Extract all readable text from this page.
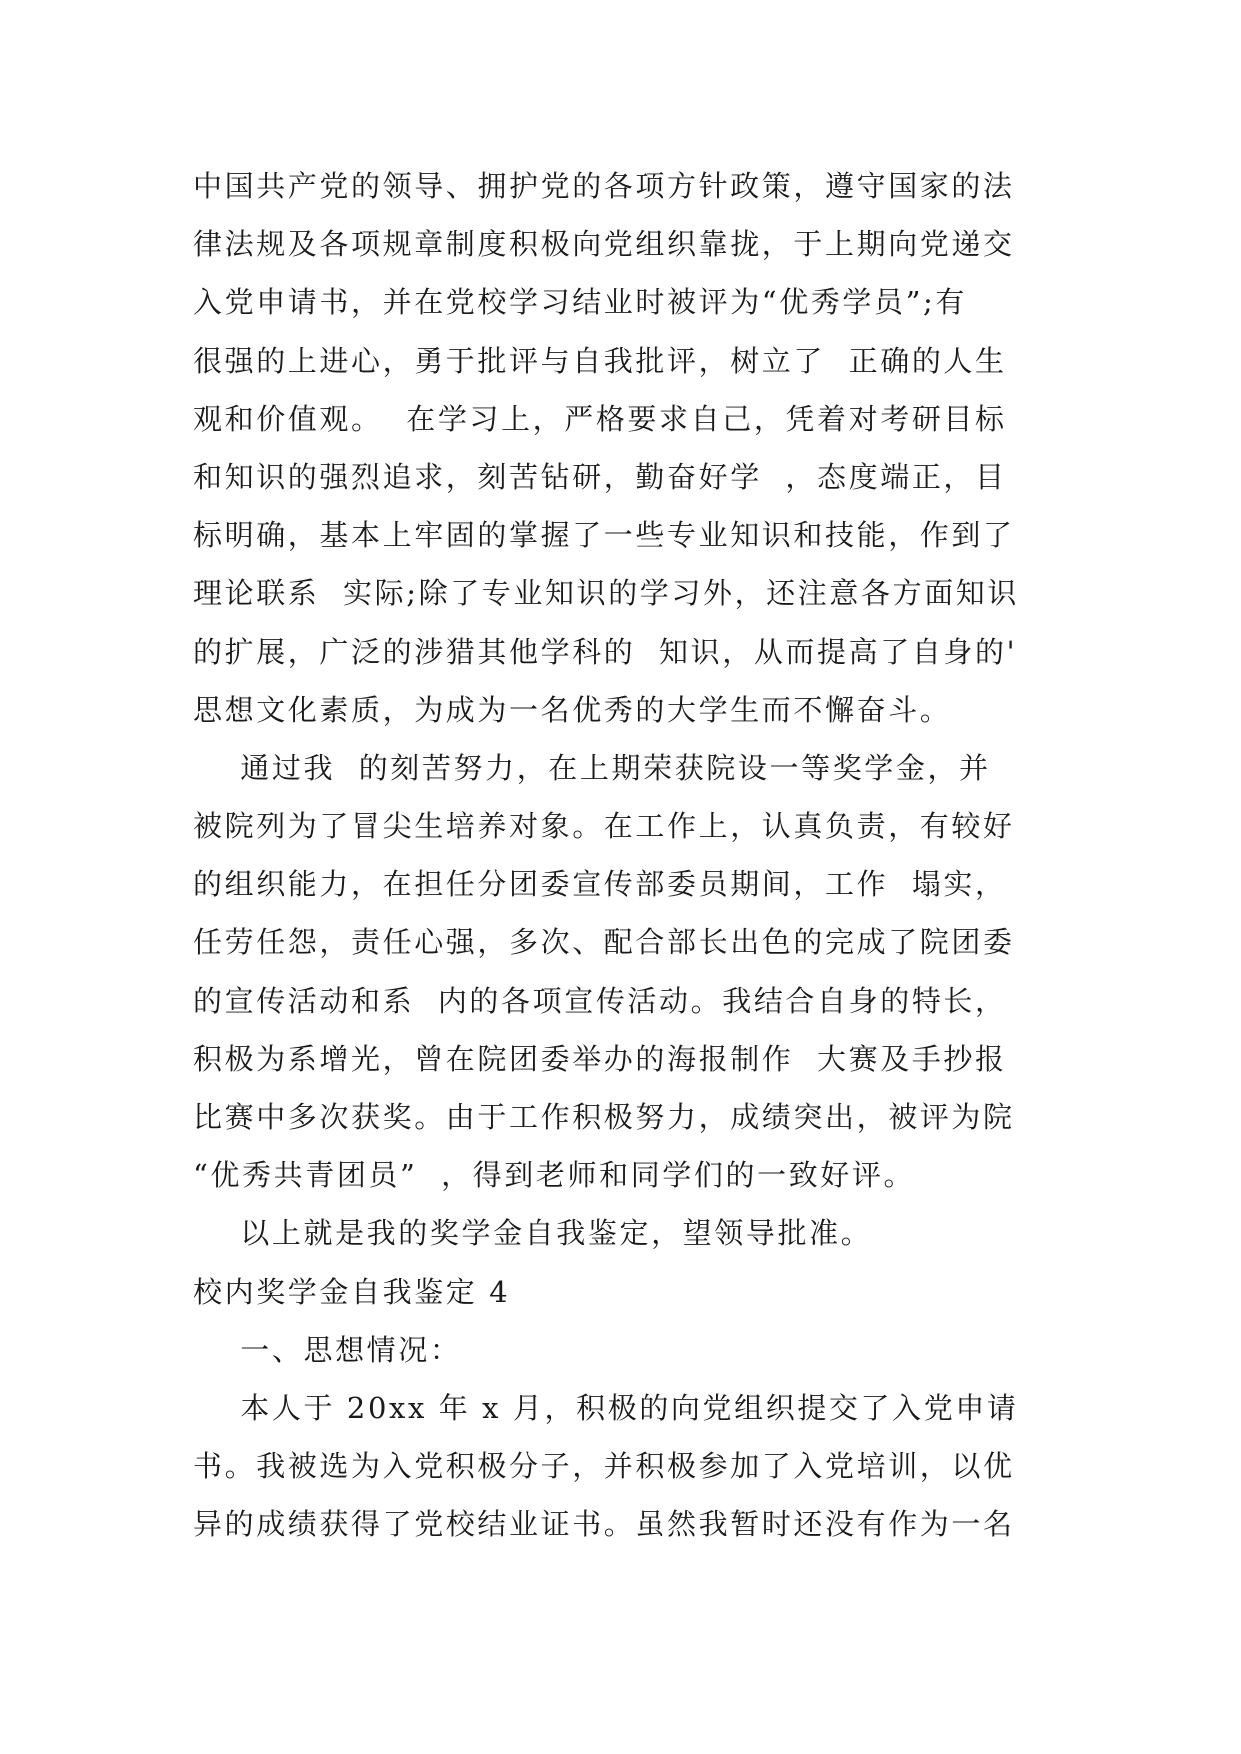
中国共产党的领导、拥护党的各项方针政策，遵守国家的法
律法规及各项规章制度积极向党组织靠拢，于上期向党递交
入党申请书，并在党校学习结业时被评为“优秀学员”;有
很强的上进心，勇于批评与自我批评，树立了  正确的人生
观和价值观。  在学习上，严格要求自己，凭着对考研目标
和知识的强烈追求，刻苦钻研，勤奋好学  ，态度端正，目
标明确，基本上牢固的掌握了一些专业知识和技能，作到了
理论联系  实际;除了专业知识的学习外，还注意各方面知识
的扩展，广泛的涉猎其他学科的  知识，从而提高了自身的'
思想文化素质，为成为一名优秀的大学生而不懈奋斗。
通过我  的刻苦努力，在上期荣获院设一等奖学金，并
被院列为了冒尖生培养对象。在工作上，认真负责，有较好
的组织能力，在担任分团委宣传部委员期间，工作  塌实，
任劳任怨，责任心强，多次、配合部长出色的完成了院团委
的宣传活动和系  内的各项宣传活动。我结合自身的特长，
积极为系增光，曾在院团委举办的海报制作  大赛及手抄报
比赛中多次获奖。由于工作积极努力，成绩突出，被评为院
“优秀共青团员”  ，得到老师和同学们的一致好评。
以上就是我的奖学金自我鉴定，望领导批准。
校内奖学金自我鉴定 4
一、思想情况：
本人于 20xx 年 x 月，积极的向党组织提交了入党申请
书。我被选为入党积极分子，并积极参加了入党培训，以优
异的成绩获得了党校结业证书。虽然我暂时还没有作为一名
